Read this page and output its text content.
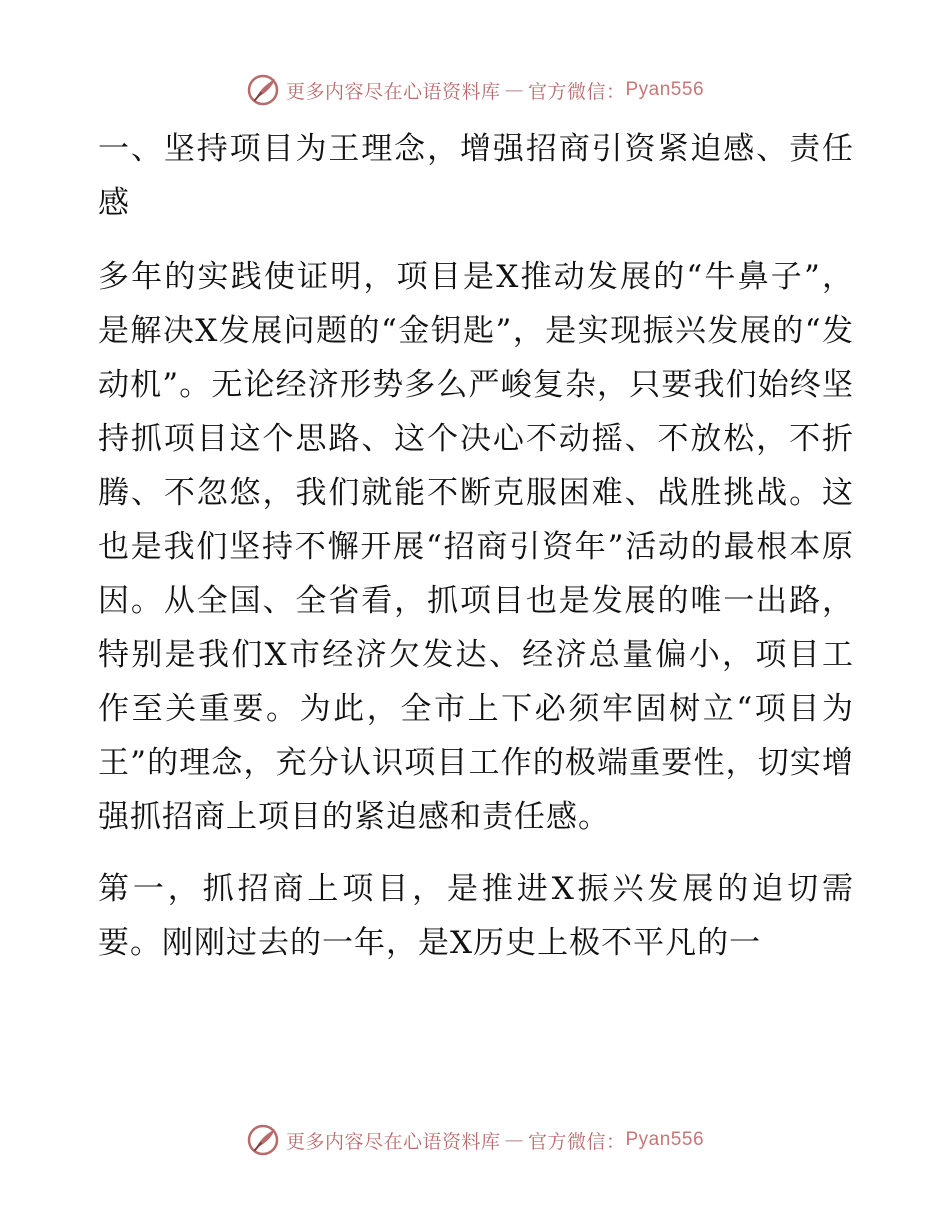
更多内容尽在心语资料库 — 官方微信： Pyan556

一、坚持项目为王理念，增强招商引资紧迫感、责任感

多年的实践使证明，项目是X推动发展的“牛鼻子”，是解决X发展问题的“金钥匙”，是实现振兴发展的“发动机”。无论经济形势多么严峻复杂，只要我们始终坚持抓项目这个思路、这个决心不动摇、不放松，不折腾、不忽悠，我们就能不断克服困难、战胜挑战。这也是我们坚持不懈开展“招商引资年”活动的最根本原因。从全国、全省看，抓项目也是发展的唯一出路，特别是我们X市经济欠发达、经济总量偏小，项目工作至关重要。为此，全市上下必须牢固树立“项目为王”的理念，充分认识项目工作的极端重要性，切实增强抓招商上项目的紧迫感和责任感。

第一，抓招商上项目，是推进X振兴发展的迫切需要。刚刚过去的一年，是X历史上极不平凡的一

更多内容尽在心语资料库 — 官方微信： Pyan556
